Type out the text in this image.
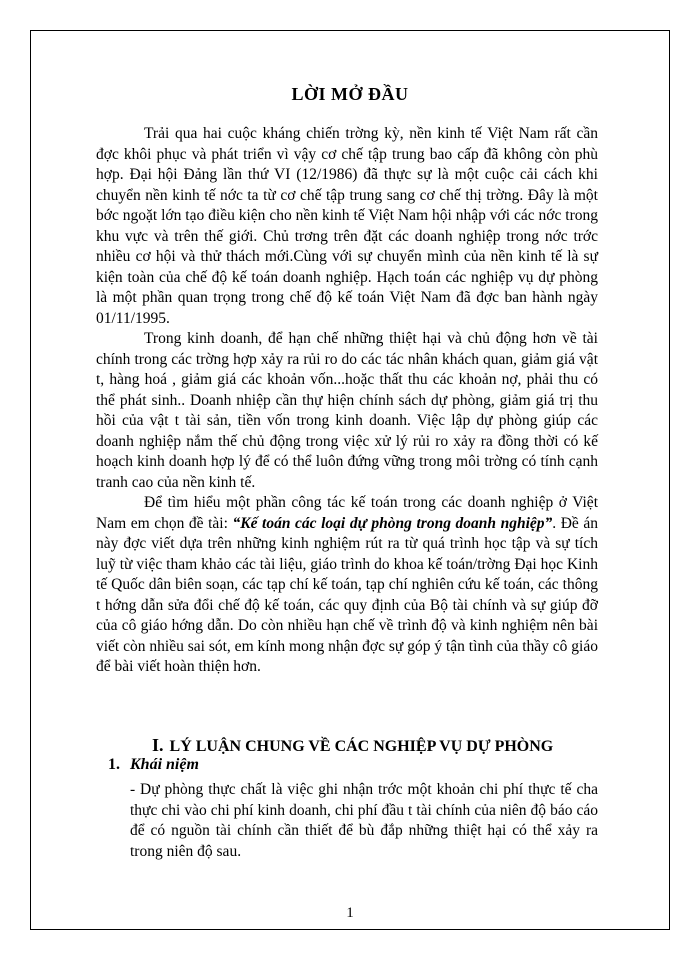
LỜI MỞ ĐẦU

Trải qua hai cuộc kháng chiến trờng kỳ, nền kinh tế Việt Nam rất cần đợc khôi phục và phát triển vì vậy cơ chế tập trung bao cấp đã không còn phù hợp. Đại hội Đảng lần thứ VI (12/1986) đã thực sự là một cuộc cải cách khi chuyển nền kinh tế nớc ta từ cơ chế tập trung sang cơ chế thị trờng. Đây là một bớc ngoặt lớn tạo điều kiện cho nền kinh tế Việt Nam hội nhập với các nớc trong khu vực và trên thế giới. Chủ trơng trên đặt các doanh nghiệp trong nớc trớc nhiều cơ hội và thử thách mới.Cùng với sự chuyển mình của nền kinh tế là sự kiện toàn của chế độ kế toán doanh nghiệp. Hạch toán các nghiệp vụ dự phòng là một phần quan trọng trong chế độ kế toán Việt Nam đã đợc ban hành ngày 01/11/1995.

Trong kinh doanh, để hạn chế những thiệt hại và chủ động hơn về tài chính trong các trờng hợp xảy ra rủi ro do các tác nhân khách quan, giảm giá vật t, hàng hoá , giảm giá các khoản vốn...hoặc thất thu các khoản nợ, phải thu có thể phát sinh.. Doanh nhiệp cần thự hiện chính sách dự phòng, giảm giá trị thu hồi của vật t tài sản, tiền vốn trong kinh doanh. Việc lập dự phòng giúp các doanh nghiệp nắm thế chủ động trong việc xử lý rủi ro xảy ra đồng thời có kế hoạch kinh doanh hợp lý để có thể luôn đứng vững trong môi trờng có tính cạnh tranh cao của nền kinh tế.

Để tìm hiểu một phần công tác kế toán trong các doanh nghiệp ở Việt Nam em chọn đề tài: “Kế toán các loại dự phòng trong doanh nghiệp”. Đề án này đợc viết dựa trên những kinh nghiệm rút ra từ quá trình học tập và sự tích luỹ từ việc tham khảo các tài liệu, giáo trình do khoa kế toán/trờng Đại học Kinh tế Quốc dân biên soạn, các tạp chí kế toán, tạp chí nghiên cứu kế toán, các thông t hớng dẫn sửa đổi chế độ kế toán, các quy định của Bộ tài chính và sự giúp đỡ của cô giáo hớng dẫn. Do còn nhiều hạn chế về trình độ và kinh nghiệm nên bài viết còn nhiều sai sót, em kính mong nhận đợc sự góp ý tận tình của thầy cô giáo để bài viết hoàn thiện hơn.

I. LÝ LUẬN CHUNG VỀ CÁC NGHIỆP VỤ DỰ PHÒNG
1. Khái niệm
- Dự phòng thực chất là việc ghi nhận trớc một khoản chi phí thực tế cha thực chi vào chi phí kinh doanh, chi phí đầu t tài chính của niên độ báo cáo để có nguồn tài chính cần thiết để bù đắp những thiệt hại có thể xảy ra trong niên độ sau.
1
